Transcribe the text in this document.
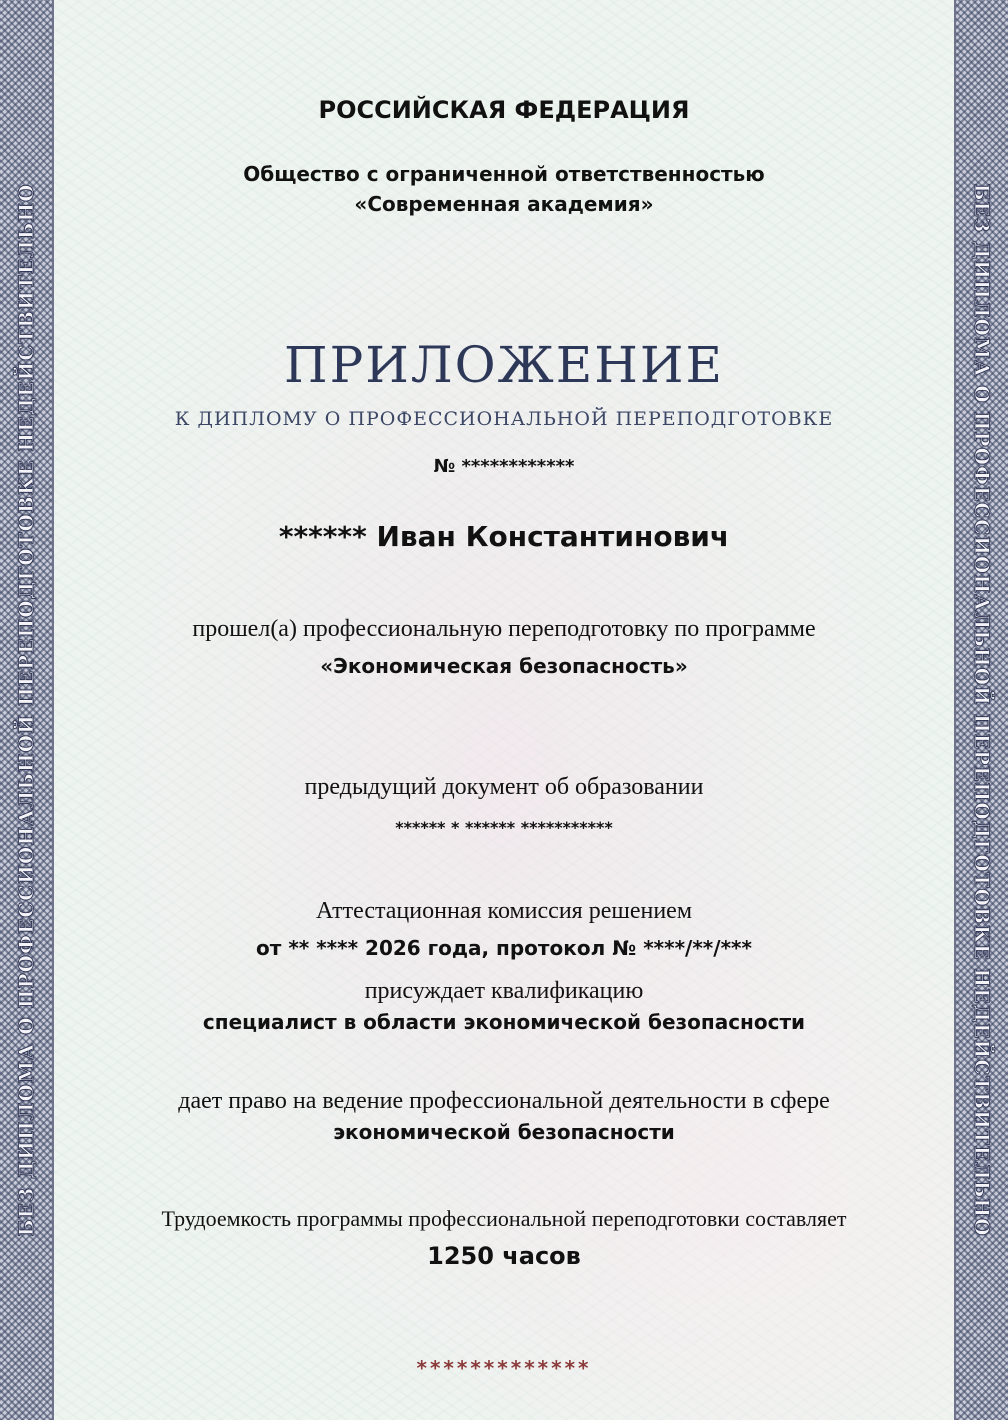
БЕЗ ДИПЛОМА О ПРОФЕССИОНАЛЬНОЙ ПЕРЕПОДГОТОВКЕ НЕДЕЙСТВИТЕЛЬНО	БЕЗ ДИПЛОМА О ПРОФЕССИОНАЛЬНОЙ ПЕРЕПОДГОТОВКЕ НЕДЕЙСТВИТЕЛЬНО
РОССИЙСКАЯ ФЕДЕРАЦИЯ
Общество с ограниченной ответственностью
«Современная академия»
ПРИЛОЖЕНИЕ
К ДИПЛОМУ О ПРОФЕССИОНАЛЬНОЙ ПЕРЕПОДГОТОВКЕ
№ ************
****** Иван Константинович
прошел(а) профессиональную переподготовку по программе
«Экономическая безопасность»
предыдущий документ об образовании
****** * ****** ***********
Аттестационная комиссия решением
от ** **** 2026 года, протокол № ****/**/***
присуждает квалификацию
специалист в области экономической безопасности
дает право на ведение профессиональной деятельности в сфере
экономической безопасности
Трудоемкость программы профессиональной переподготовки составляет
1250 часов
*************
